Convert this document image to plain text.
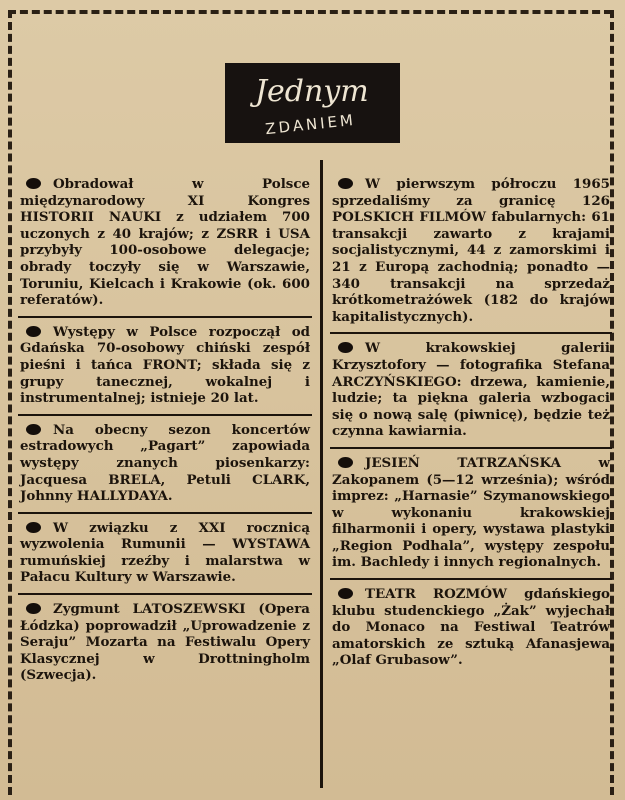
Jednym
ZDANIEM

Obradował w Polsce międzynarodowy XI Kongres HISTORII NAUKI z udziałem 700 uczonych z 40 krajów; z ZSRR i USA przybyły 100-osobowe delegacje; obrady toczyły się w Warszawie, Toruniu, Kielcach i Krakowie (ok. 600 referatów).

Występy w Polsce rozpoczął od Gdańska 70-osobowy chiński zespół pieśni i tańca FRONT; składa się z grupy tanecznej, wokalnej i instrumentalnej; istnieje 20 lat.

Na obecny sezon koncertów estradowych „Pagart” zapowiada występy znanych piosenkarzy: Jacquesa BRELA, Petuli CLARK, Johnny HALLYDAYA.

W związku z XXI rocznicą wyzwolenia Rumunii — WYSTAWA rumuńskiej rzeźby i malarstwa w Pałacu Kultury w Warszawie.

Zygmunt LATOSZEWSKI (Opera Łódzka) poprowadził „Uprowadzenie z Seraju” Mozarta na Festiwalu Opery Klasycznej w Drottningholm (Szwecja).

W pierwszym półroczu 1965 sprzedaliśmy za granicę 126 POLSKICH FILMÓW fabularnych: 61 transakcji zawarto z krajami socjalistycznymi, 44 z zamorskimi i 21 z Europą zachodnią; ponadto — 340 transakcji na sprzedaż krótkometrażówek (182 do krajów kapitalistycznych).

W krakowskiej galerii Krzysztofory — fotografika Stefana ARCZYŃSKIEGO: drzewa, kamienie, ludzie; ta piękna galeria wzbogaci się o nową salę (piwnicę), będzie też czynna kawiarnia.

JESIEŃ TATRZAŃSKA w Zakopanem (5—12 września); wśród imprez: „Harnasie” Szymanowskiego w wykonaniu krakowskiej filharmonii i opery, wystawa plastyki „Region Podhala”, występy zespołu im. Bachledy i innych regionalnych.

TEATR ROZMÓW gdańskiego klubu studenckiego „Żak” wyjechał do Monaco na Festiwal Teatrów amatorskich ze sztuką Afanasjewa „Olaf Grubasow”.
